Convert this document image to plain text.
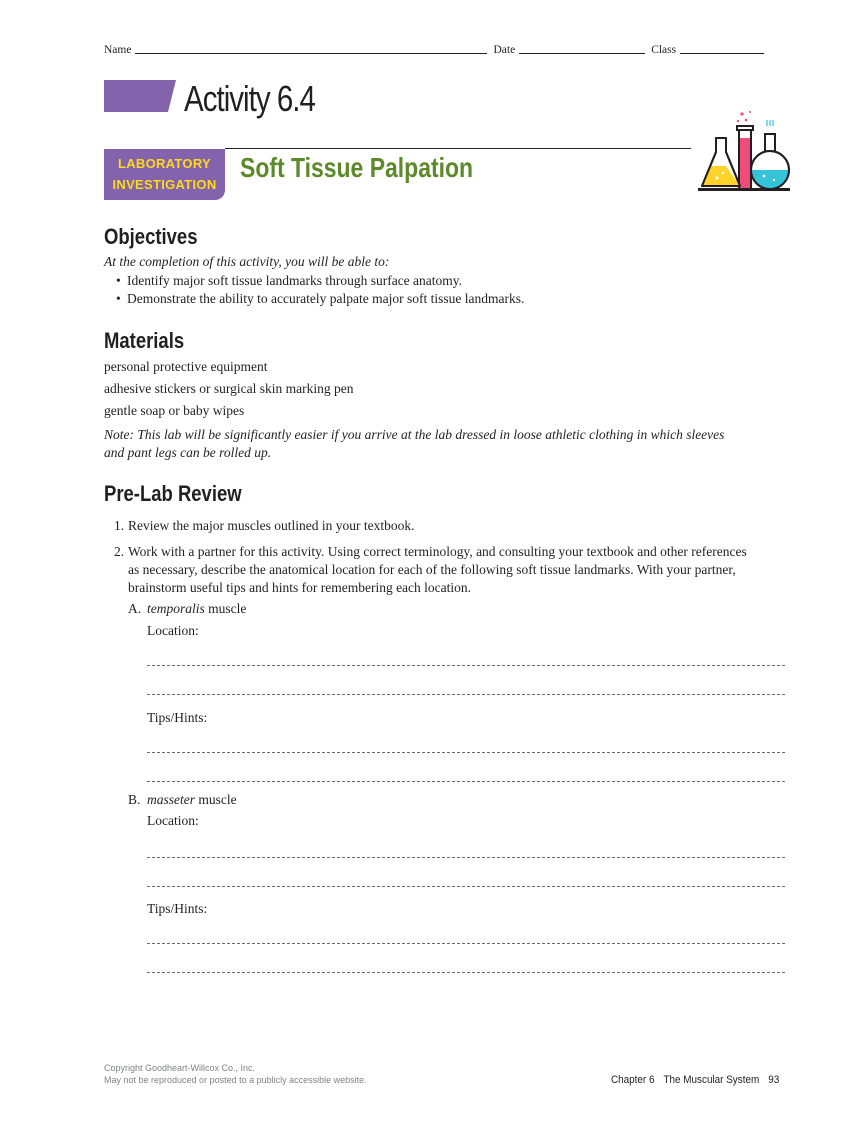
Name	Date	Class
Activity 6.4
LABORATORY
INVESTIGATION
Soft Tissue Palpation
Objectives
At the completion of this activity, you will be able to:
• Identify major soft tissue landmarks through surface anatomy.
• Demonstrate the ability to accurately palpate major soft tissue landmarks.
Materials
personal protective equipment
adhesive stickers or surgical skin marking pen
gentle soap or baby wipes
Note: This lab will be significantly easier if you arrive at the lab dressed in loose athletic clothing in which sleeves
and pant legs can be rolled up.
Pre-Lab Review
1. Review the major muscles outlined in your textbook.
2. Work with a partner for this activity. Using correct terminology, and consulting your textbook and other references
as necessary, describe the anatomical location for each of the following soft tissue landmarks. With your partner,
brainstorm useful tips and hints for remembering each location.
A. temporalis muscle
Location:
Tips/Hints:
B. masseter muscle
Location:
Tips/Hints:
Copyright Goodheart-Willcox Co., Inc.
May not be reproduced or posted to a publicly accessible website.	Chapter 6 The Muscular System 93
